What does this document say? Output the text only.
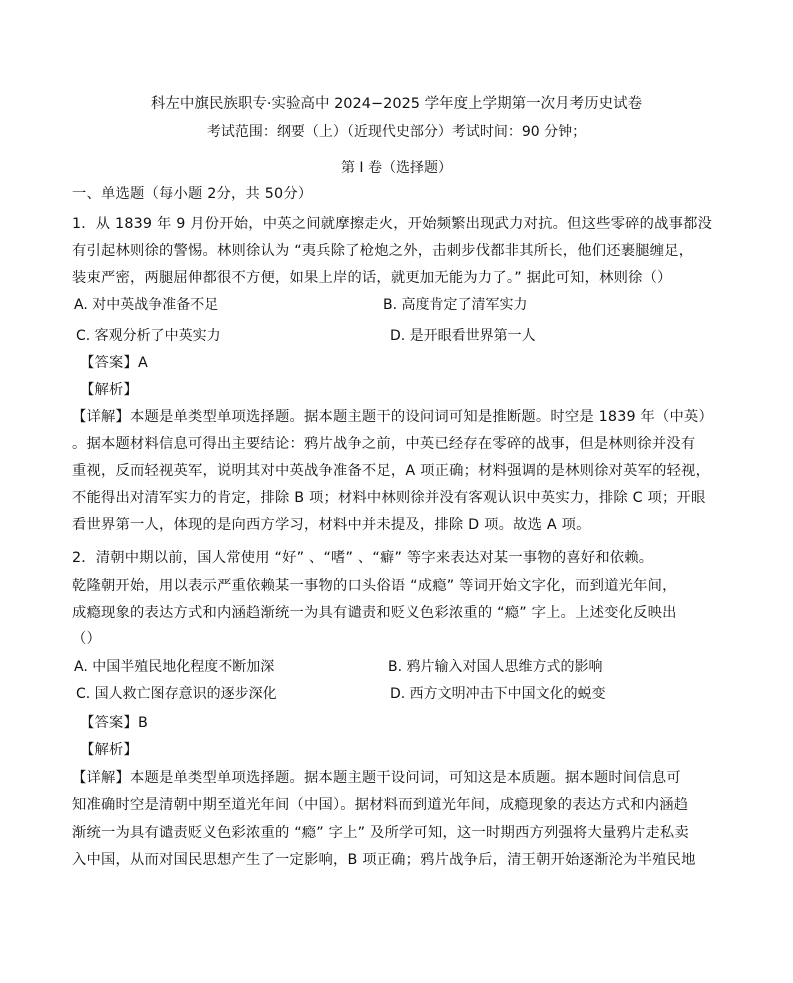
科左中旗民族职专·实验高中 2024−2025 学年度上学期第一次月考历史试卷
考试范围：纲要（上）（近现代史部分）考试时间：90 分钟；
第 I 卷（选择题）
一、单选题（每小题 2分，共 50分）
1．从 1839 年 9 月份开始，中英之间就摩擦走火，开始频繁出现武力对抗。但这些零碎的战事都没
有引起林则徐的警惕。林则徐认为 “夷兵除了枪炮之外，击刺步伐都非其所长，他们还裹腿缠足，
装束严密，两腿屈伸都很不方便，如果上岸的话，就更加无能为力了。” 据此可知，林则徐（）
A. 对中英战争准备不足	B. 高度肯定了清军实力
C. 客观分析了中英实力	D. 是开眼看世界第一人
【答案】A
【解析】
【详解】本题是单类型单项选择题。据本题主题干的设问词可知是推断题。时空是 1839 年（中英）
。据本题材料信息可得出主要结论：鸦片战争之前，中英已经存在零碎的战事，但是林则徐并没有
重视，反而轻视英军，说明其对中英战争准备不足，A 项正确；材料强调的是林则徐对英军的轻视，
不能得出对清军实力的肯定，排除 B 项；材料中林则徐并没有客观认识中英实力，排除 C 项；开眼
看世界第一人，体现的是向西方学习，材料中并未提及，排除 D 项。故选 A 项。
2．清朝中期以前，国人常使用 “好” 、“嗜” 、“癖” 等字来表达对某一事物的喜好和依赖。
乾隆朝开始，用以表示严重依赖某一事物的口头俗语 “成瘾” 等词开始文字化，而到道光年间，
成瘾现象的表达方式和内涵趋渐统一为具有谴责和贬义色彩浓重的 “瘾” 字上。上述变化反映出
（）
A. 中国半殖民地化程度不断加深	B. 鸦片输入对国人思维方式的影响
C. 国人救亡图存意识的逐步深化	D. 西方文明冲击下中国文化的蜕变
【答案】B
【解析】
【详解】本题是单类型单项选择题。据本题主题干设问词，可知这是本质题。据本题时间信息可
知准确时空是清朝中期至道光年间（中国）。据材料而到道光年间，成瘾现象的表达方式和内涵趋
渐统一为具有谴责贬义色彩浓重的 “瘾” 字上” 及所学可知，这一时期西方列强将大量鸦片走私卖
入中国，从而对国民思想产生了一定影响，B 项正确；鸦片战争后，清王朝开始逐渐沦为半殖民地
